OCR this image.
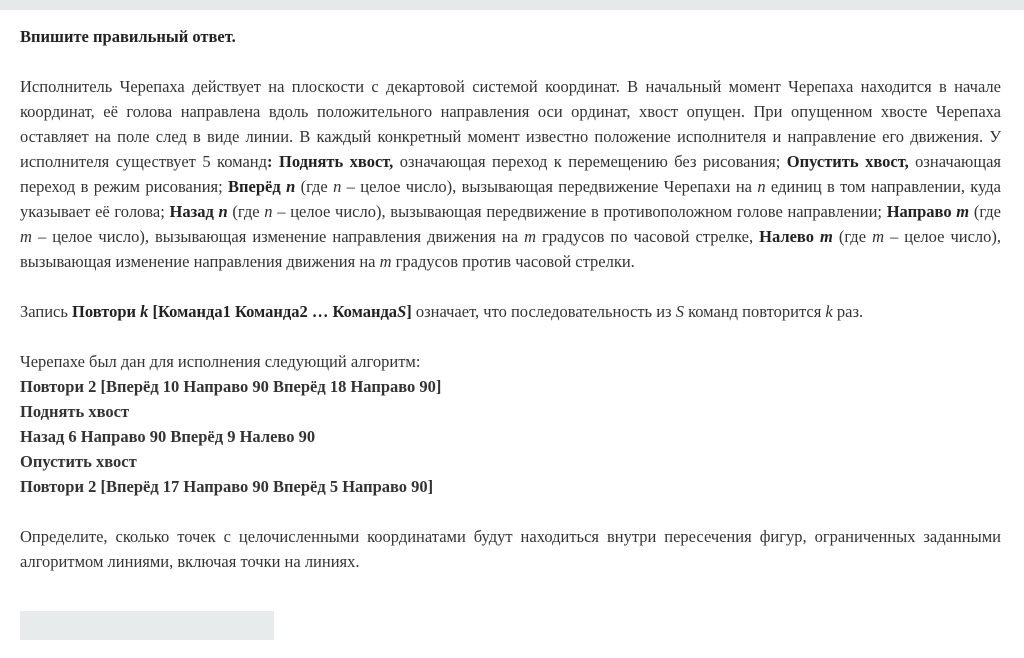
Впишите правильный ответ.
Исполнитель Черепаха действует на плоскости с декартовой системой координат. В начальный момент Черепаха находится в начале координат, её голова направлена вдоль положительного направления оси ординат, хвост опущен. При опущенном хвосте Черепаха оставляет на поле след в виде линии. В каждый конкретный момент известно положение исполнителя и направление его движения. У исполнителя существует 5 команд: Поднять хвост, означающая переход к перемещению без рисования; Опустить хвост, означающая переход в режим рисования; Вперёд n (где n – целое число), вызывающая передвижение Черепахи на n единиц в том направлении, куда указывает её голова; Назад n (где n – целое число), вызывающая передвижение в противоположном голове направлении; Направо m (где m – целое число), вызывающая изменение направления движения на m градусов по часовой стрелке, Налево m (где m – целое число), вызывающая изменение направления движения на m градусов против часовой стрелки.
Запись Повтори k [Команда1 Команда2 … КомандаS] означает, что последовательность из S команд повторится k раз.
Черепахе был дан для исполнения следующий алгоритм:
Повтори 2 [Вперёд 10 Направо 90 Вперёд 18 Направо 90]
Поднять хвост
Назад 6 Направо 90 Вперёд 9 Налево 90
Опустить хвост
Повтори 2 [Вперёд 17 Направо 90 Вперёд 5 Направо 90]
Определите, сколько точек с целочисленными координатами будут находиться внутри пересечения фигур, ограниченных заданными алгоритмом линиями, включая точки на линиях.
